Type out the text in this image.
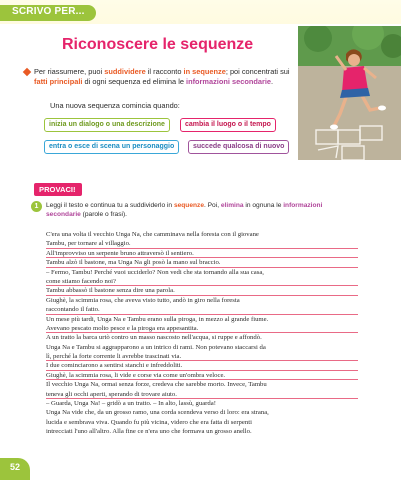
SCRIVO PER...
Riconoscere le sequenze
Per riassumere, puoi suddividere il racconto in sequenze; poi concentrati sui fatti principali di ogni sequenza ed elimina le informazioni secondarie.
Una nuova sequenza comincia quando:
inizia un dialogo o una descrizione	cambia il luogo o il tempo
entra o esce di scena un personaggio	succede qualcosa di nuovo
PROVACI!
1	Leggi il testo e continua tu a suddividerlo in sequenze. Poi, elimina in ognuna le informazioni secondarie (parole o frasi).
C'era una volta il vecchio Unga Na, che camminava nella foresta con il giovane
Tambu, per tornare al villaggio.
All'improvviso un serpente bruno attraversò il sentiero.
Tambu alzò il bastone, ma Unga Na gli posò la mano sul braccio.
– Fermo, Tambu! Perché vuoi ucciderlo? Non vedi che sta tornando alla sua casa,
come stiamo facendo noi?
Tambu abbassò il bastone senza dire una parola.
Giughè, la scimmia rosa, che aveva visto tutto, andò in giro nella foresta
raccontando il fatto.
Un mese più tardi, Unga Na e Tambu erano sulla piroga, in mezzo al grande fiume.
Avevano pescato molto pesce e la piroga era appesantita.
A un tratto la barca urtò contro un masso nascosto nell'acqua, si ruppe e affondò.
Unga Na e Tambu si aggrapparono a un intrico di rami. Non potevano staccarsi da
lì, perché la forte corrente li avrebbe trascinati via.
I due cominciarono a sentirsi stanchi e infreddoliti.
Giughè, la scimmia rosa, li vide e corse via come un'ombra veloce.
Il vecchio Unga Na, ormai senza forze, credeva che sarebbe morto. Invece, Tambu
teneva gli occhi aperti, sperando di trovare aiuto.
– Guarda, Unga Na! – gridò a un tratto. – In alto, lassù, guarda!
Unga Na vide che, da un grosso ramo, una corda scendeva verso di loro: era strana,
lucida e sembrava viva. Quando fu più vicina, videro che era fatta di serpenti
intrecciati l'uno all'altro. Alla fine ce n'era uno che formava un grosso anello.
52
